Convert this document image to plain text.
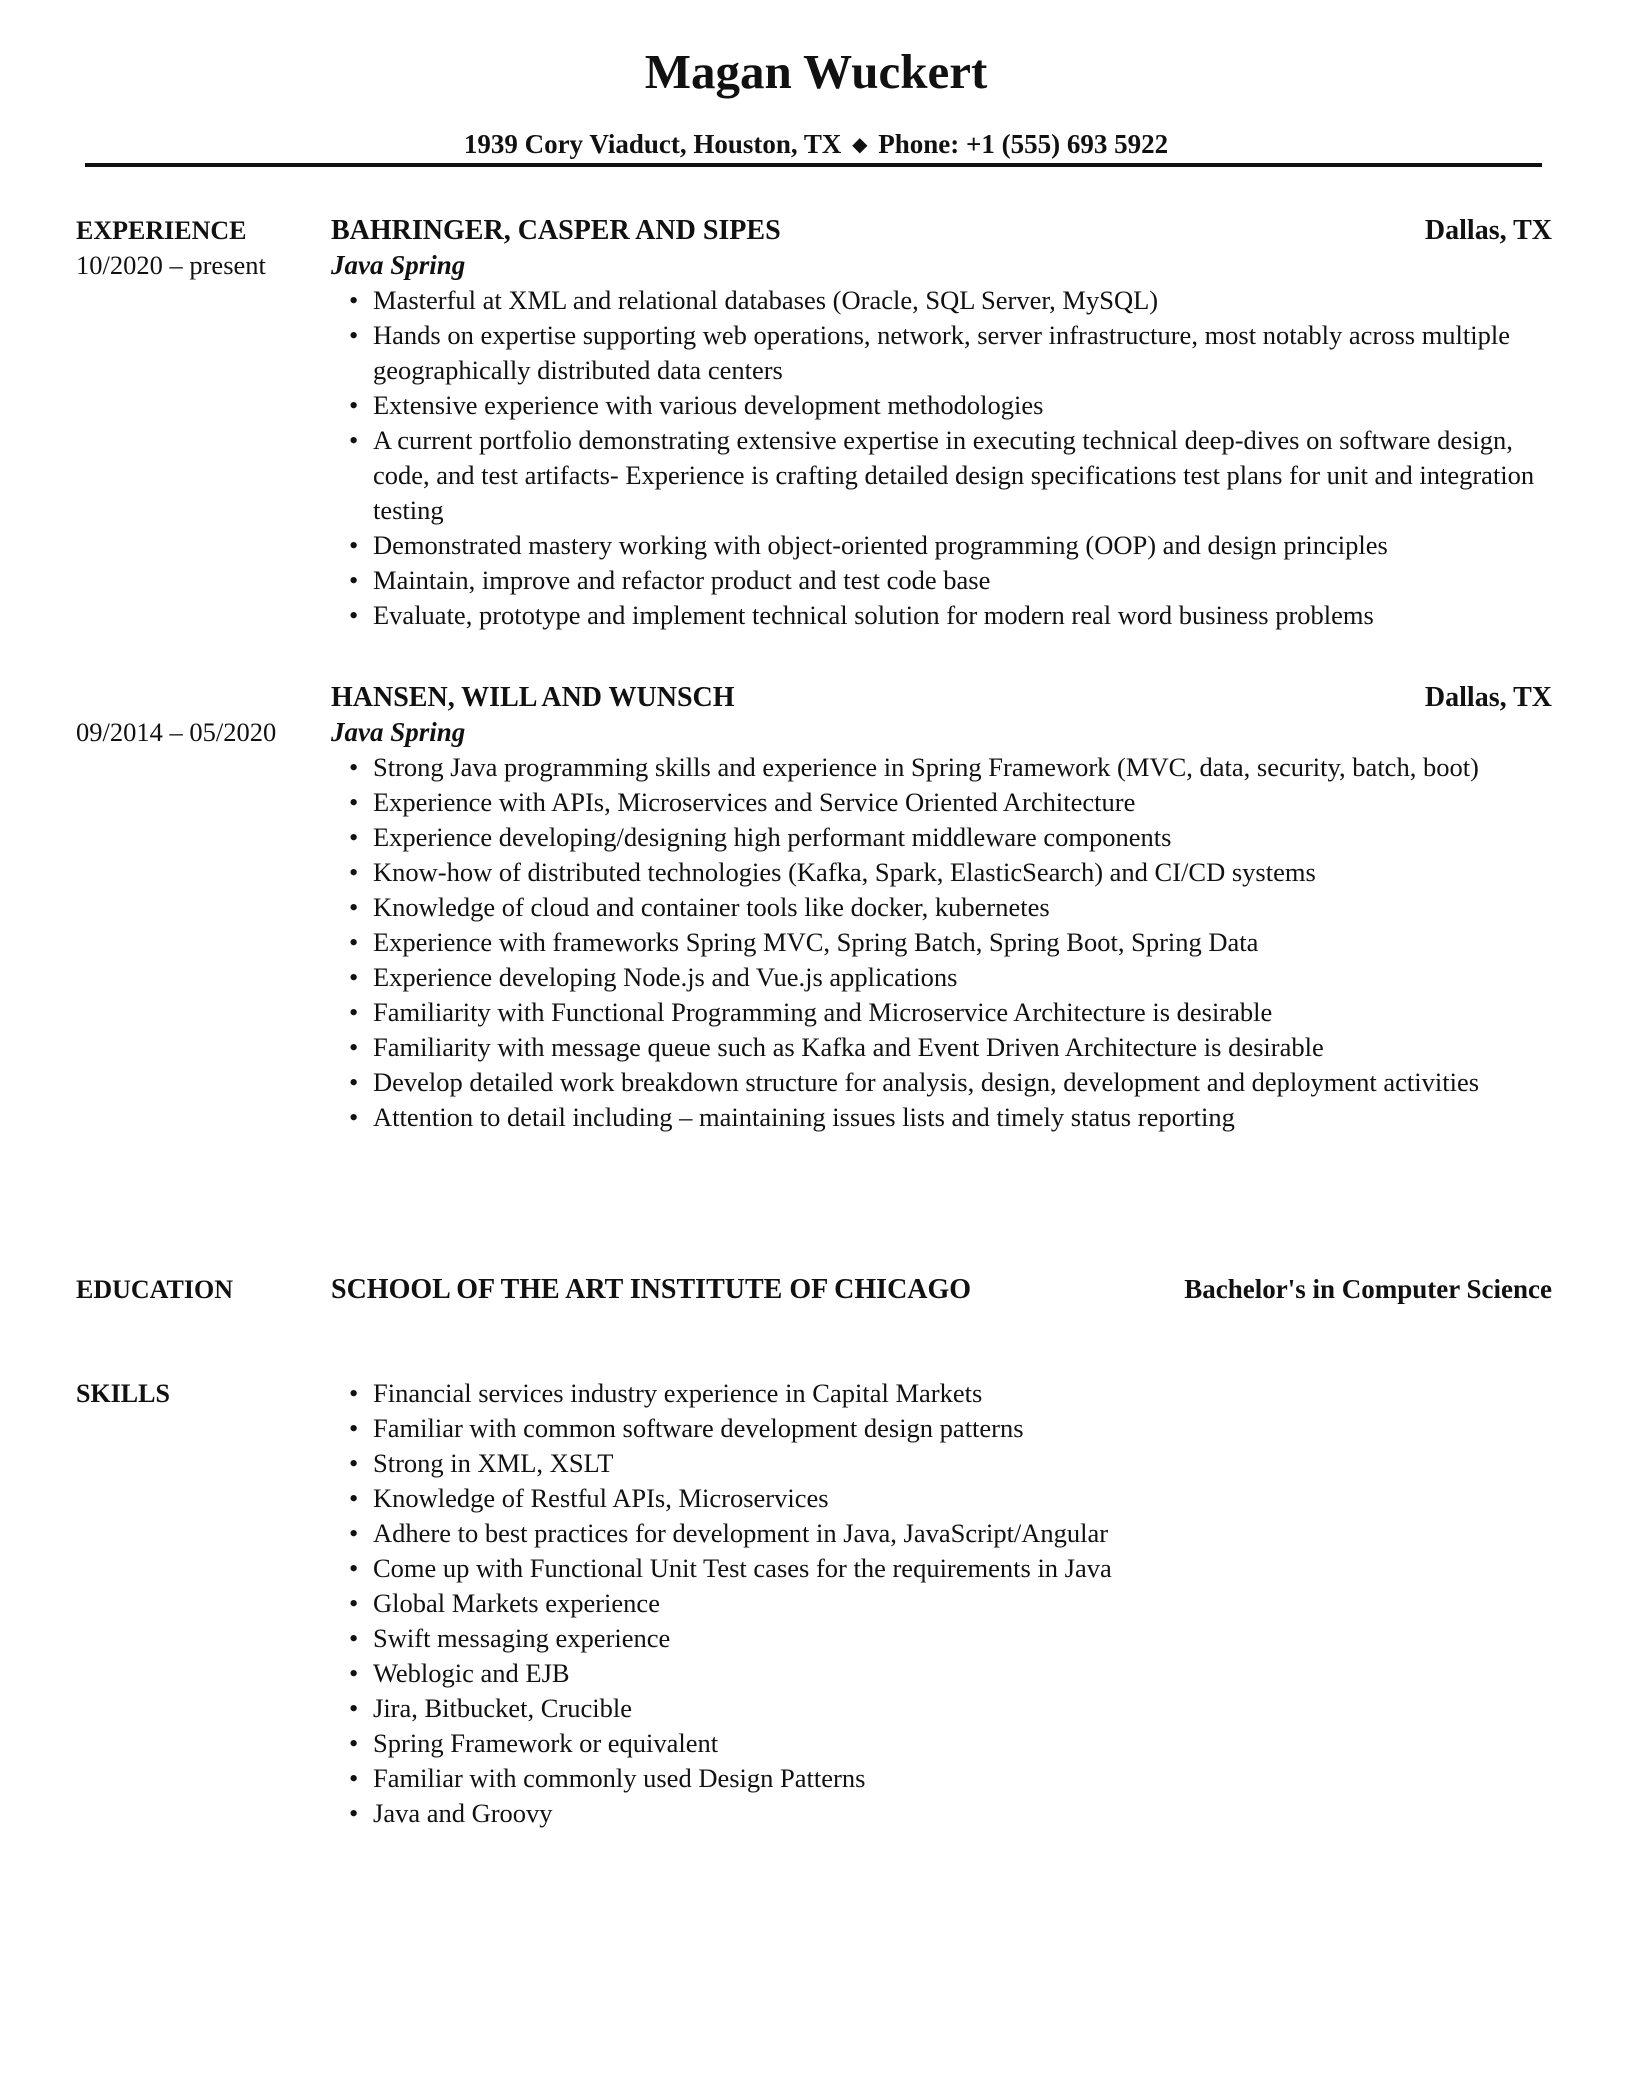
Magan Wuckert
1939 Cory Viaduct, Houston, TX ◆ Phone: +1 (555) 693 5922
EXPERIENCE
10/2020 – present
BAHRINGER, CASPER AND SIPES	Dallas, TX
Java Spring
• Masterful at XML and relational databases (Oracle, SQL Server, MySQL)
• Hands on expertise supporting web operations, network, server infrastructure, most notably across multiple geographically distributed data centers
• Extensive experience with various development methodologies
• A current portfolio demonstrating extensive expertise in executing technical deep-dives on software design, code, and test artifacts- Experience is crafting detailed design specifications test plans for unit and integration testing
• Demonstrated mastery working with object-oriented programming (OOP) and design principles
• Maintain, improve and refactor product and test code base
• Evaluate, prototype and implement technical solution for modern real word business problems
09/2014 – 05/2020
HANSEN, WILL AND WUNSCH	Dallas, TX
Java Spring
• Strong Java programming skills and experience in Spring Framework (MVC, data, security, batch, boot)
• Experience with APIs, Microservices and Service Oriented Architecture
• Experience developing/designing high performant middleware components
• Know-how of distributed technologies (Kafka, Spark, ElasticSearch) and CI/CD systems
• Knowledge of cloud and container tools like docker, kubernetes
• Experience with frameworks Spring MVC, Spring Batch, Spring Boot, Spring Data
• Experience developing Node.js and Vue.js applications
• Familiarity with Functional Programming and Microservice Architecture is desirable
• Familiarity with message queue such as Kafka and Event Driven Architecture is desirable
• Develop detailed work breakdown structure for analysis, design, development and deployment activities
• Attention to detail including – maintaining issues lists and timely status reporting
EDUCATION	SCHOOL OF THE ART INSTITUTE OF CHICAGO	Bachelor's in Computer Science
SKILLS	• Financial services industry experience in Capital Markets
• Familiar with common software development design patterns
• Strong in XML, XSLT
• Knowledge of Restful APIs, Microservices
• Adhere to best practices for development in Java, JavaScript/Angular
• Come up with Functional Unit Test cases for the requirements in Java
• Global Markets experience
• Swift messaging experience
• Weblogic and EJB
• Jira, Bitbucket, Crucible
• Spring Framework or equivalent
• Familiar with commonly used Design Patterns
• Java and Groovy
